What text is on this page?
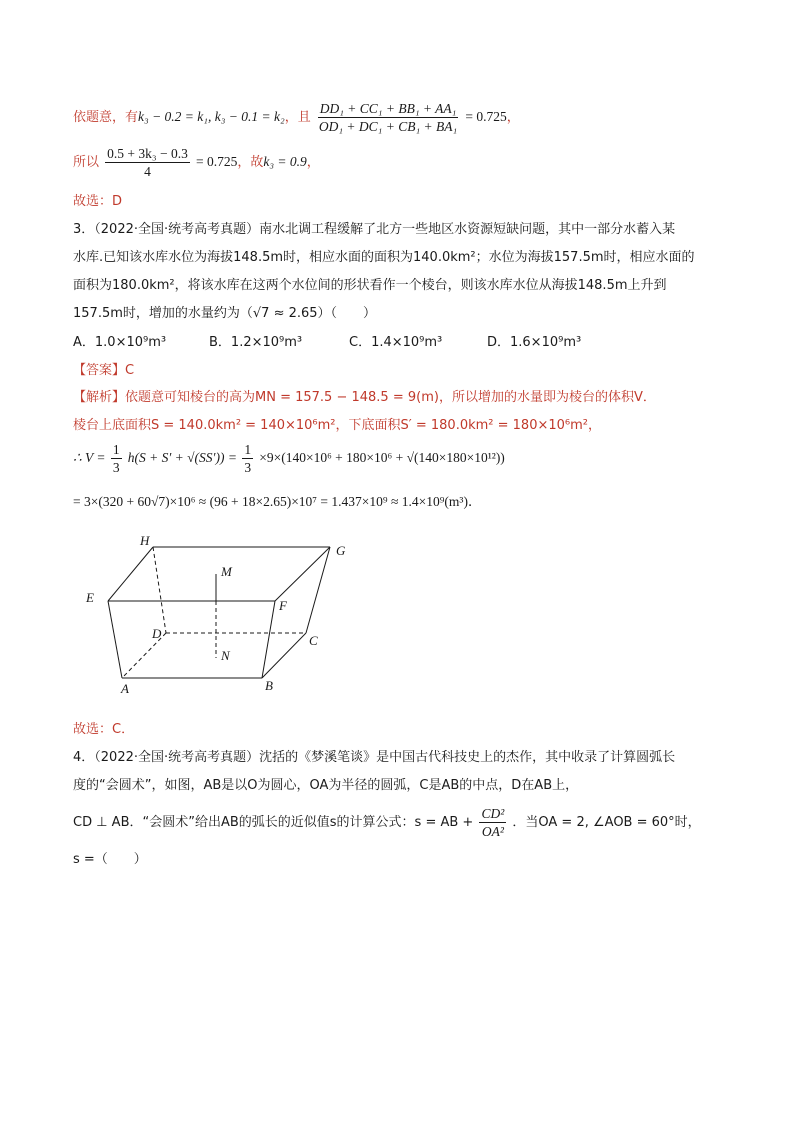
依题意，有k₃ − 0.2 = k₁, k₃ − 0.1 = k₂，且 $\frac{\text{DD₁ + CC₁ + BB₁ + AA₁}}{\text{OD₁ + DC₁ + CB₁ + BA₁}} = 0.725$，
所以 $\frac{\text{0.5 + 3k₃ − 0.3}}{4} = 0.725$，故k₃ = 0.9，
故选：D
3．（2022·全国·统考高考真题）南水北调工程缓解了北方一些地区水资源短缺问题，其中一部分水蓄入某
水库.已知该水库水位为海拔148.5m时，相应水面的面积为140.0km²；水位为海拔157.5m时，相应水面的
面积为180.0km²，将该水库在这两个水位间的形状看作一个棱台，则该水库水位从海拔148.5m上升到
157.5m时，增加的水量约为（√7 ≈ 2.65）（　　）
A．1.0×10⁹m³	B．1.2×10⁹m³	C．1.4×10⁹m³	D．1.6×10⁹m³
【答案】C
【解析】依题意可知棱台的高为MN = 157.5 − 148.5 = 9(m)，所以增加的水量即为棱台的体积V．
棱台上底面积S = 140.0km² = 140×10⁶m²，下底面积S′ = 180.0km² = 180×10⁶m²，
∴ $V = \frac{1}{3} h(S + S' + √(SS')) = \frac{1}{3} \times 9\times(140\times 10^6 + 180\times 10^6 + √(140\times 180\times 10^{12}))$
= 3×(320 + 60√7)×10⁶ ≈ (96 + 18×2.65)×10⁷ = 1.437×10⁹ ≈ 1.4×10⁹(m³)．
H
G
M
E
F
D	C
N
A	B
故选：C．
4．（2022·全国·统考高考真题）沈括的《梦溪笔谈》是中国古代科技史上的杰作，其中收录了计算圆弧长
度的“会圆术”，如图，AB是以O为圆心，OA为半径的圆弧，C是AB的中点，D在AB上，
CD ⊥ AB．“会圆术”给出AB的弧长的近似值s的计算公式：s = AB + $\frac{\text{CD²}}{\text{OA²}}$ ．当OA = 2, ∠AOB = 60°时，
s =（　　）
